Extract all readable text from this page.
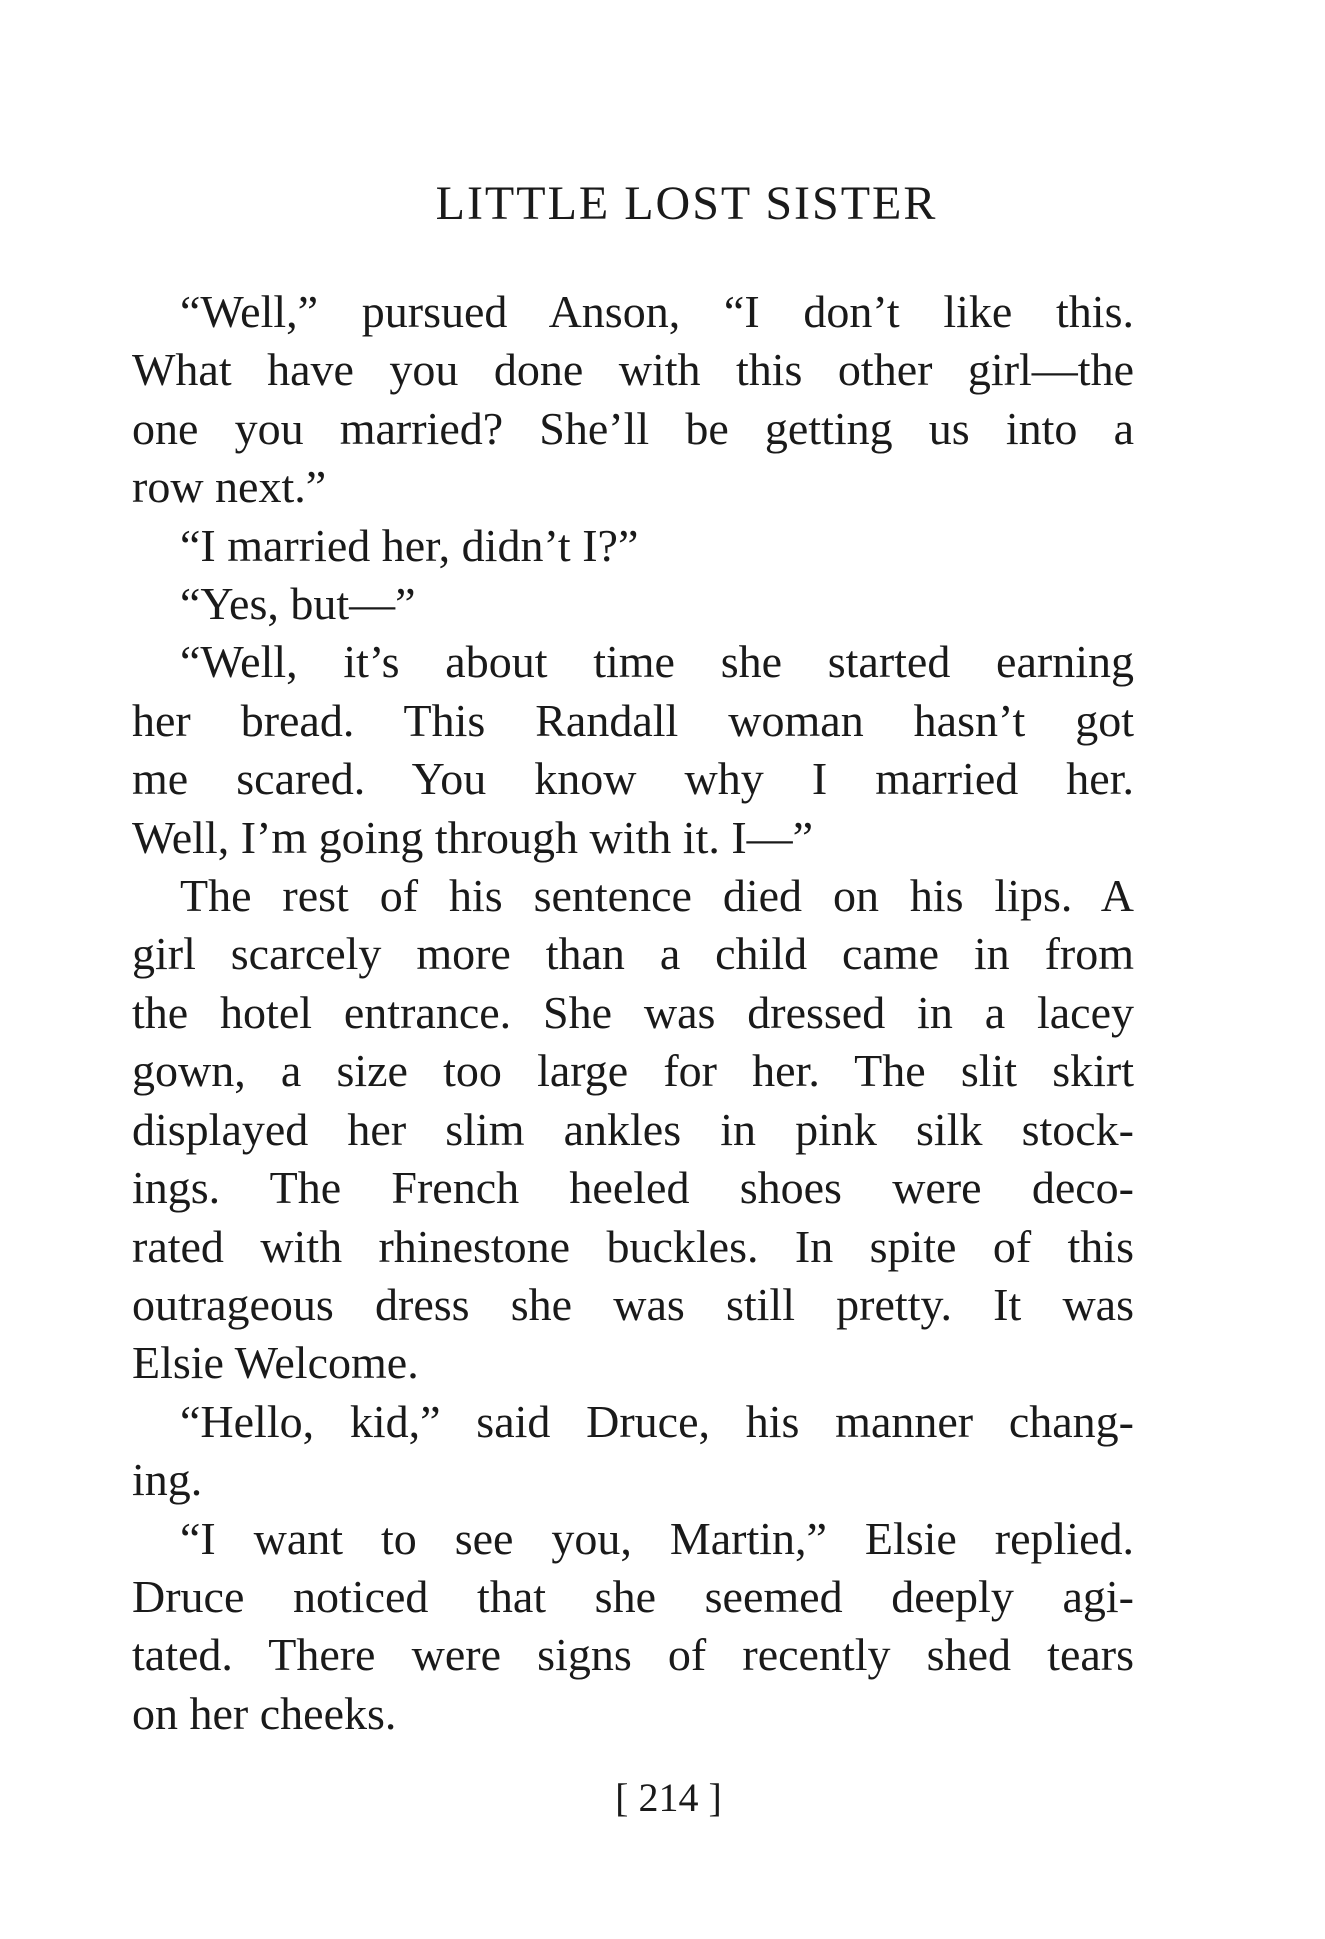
LITTLE LOST SISTER

“Well,” pursued Anson, “I don’t like this.
What have you done with this other girl—the
one you married? She’ll be getting us into a
row next.”

“I married her, didn’t I?”

“Yes, but—”

“Well, it’s about time she started earning
her bread. This Randall woman hasn’t got
me scared. You know why I married her.
Well, I’m going through with it. I—”

The rest of his sentence died on his lips. A
girl scarcely more than a child came in from
the hotel entrance. She was dressed in a lacey
gown, a size too large for her. The slit skirt
displayed her slim ankles in pink silk stock-
ings. The French heeled shoes were deco-
rated with rhinestone buckles. In spite of this
outrageous dress she was still pretty. It was
Elsie Welcome.

“Hello, kid,” said Druce, his manner chang-
ing.

“I want to see you, Martin,” Elsie replied.
Druce noticed that she seemed deeply agi-
tated. There were signs of recently shed tears
on her cheeks.

[ 214 ]
